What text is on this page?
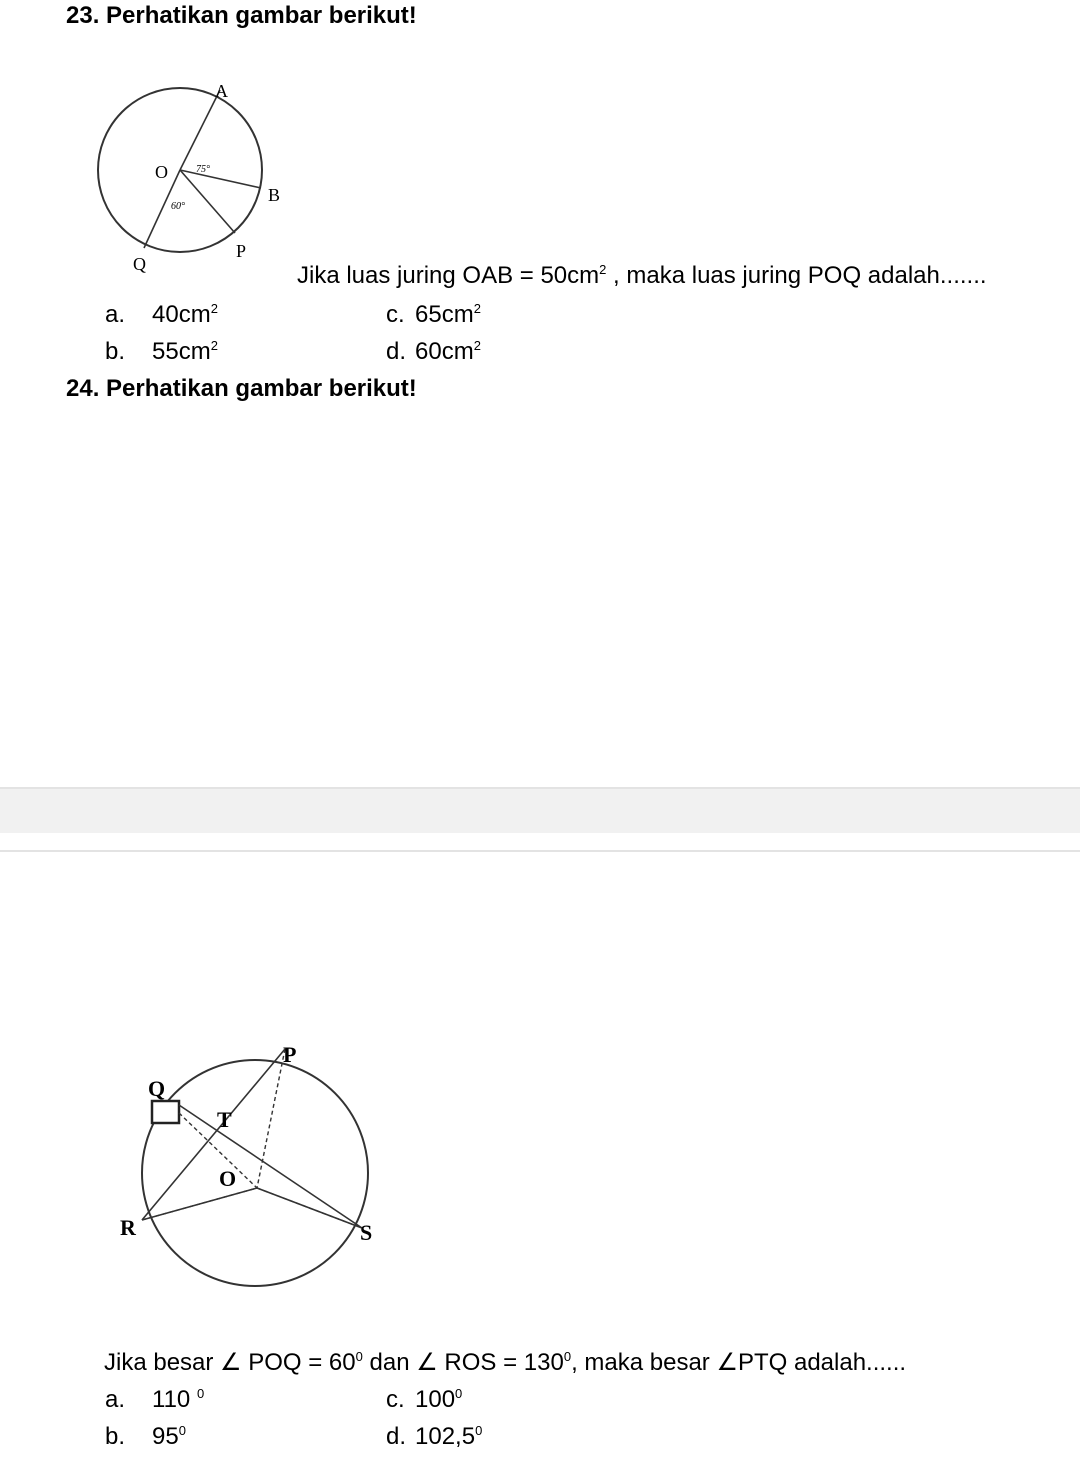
23. Perhatikan gambar berikut!
A
O
B
Q
P
75°
60°
Jika luas juring OAB = $50cm^2$ , maka luas juring POQ adalah.......
a. $40cm^2$
b. $55cm^2$
c. $65cm^2$
d. $60cm^2$
24. Perhatikan gambar berikut!
P
Q
T
O
R	S
Jika besar ∠ POQ = $60^0$ dan ∠ ROS = $130^0$, maka besar ∠PTQ adalah......
a. 110 $^0$
b. $95^0$
c. $100^0$
d. 102,5$^0$
